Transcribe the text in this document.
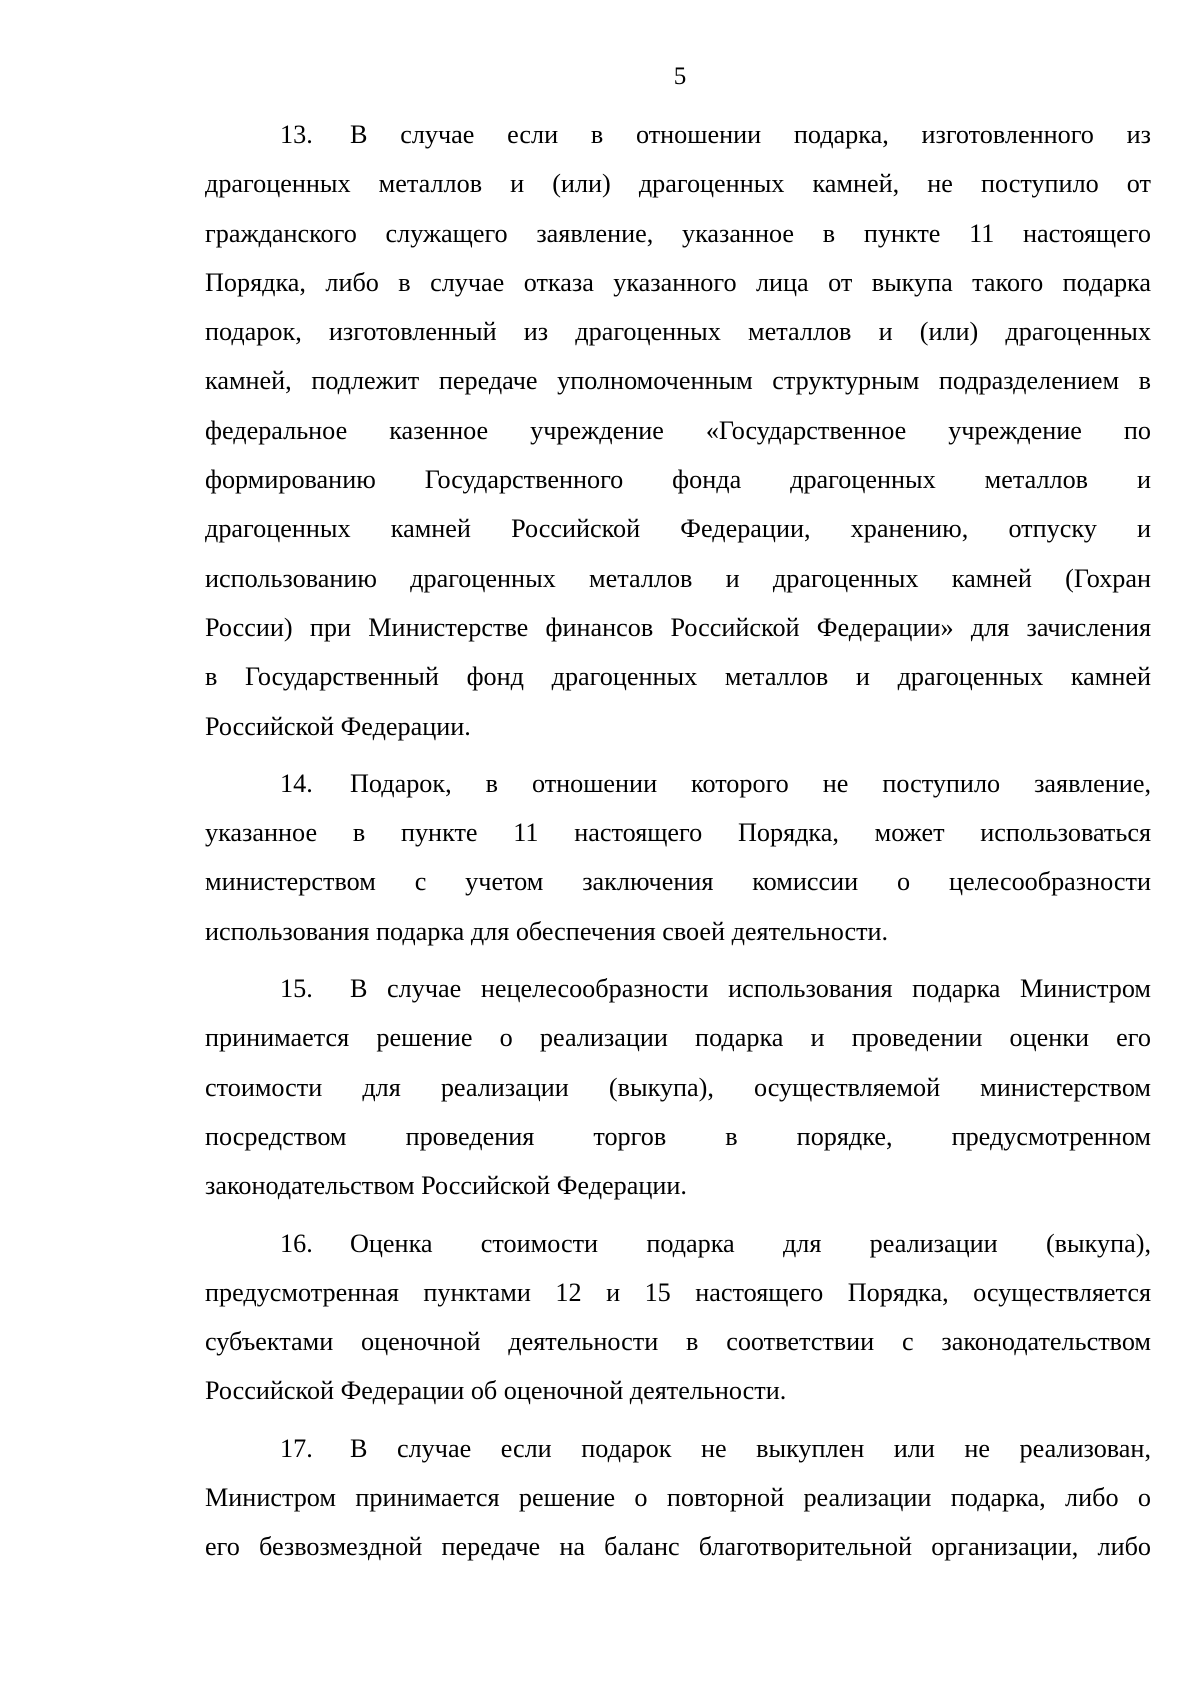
5
13. В случае если в отношении подарка, изготовленного из
драгоценных металлов и (или) драгоценных камней, не поступило от
гражданского служащего заявление, указанное в пункте 11 настоящего
Порядка, либо в случае отказа указанного лица от выкупа такого подарка
подарок, изготовленный из драгоценных металлов и (или) драгоценных
камней, подлежит передаче уполномоченным структурным подразделением в
федеральное казенное учреждение «Государственное учреждение по
формированию Государственного фонда драгоценных металлов и
драгоценных камней Российской Федерации, хранению, отпуску и
использованию драгоценных металлов и драгоценных камней (Гохран
России) при Министерстве финансов Российской Федерации» для зачисления
в Государственный фонд драгоценных металлов и драгоценных камней
Российской Федерации.
14. Подарок, в отношении которого не поступило заявление,
указанное в пункте 11 настоящего Порядка, может использоваться
министерством с учетом заключения комиссии о целесообразности
использования подарка для обеспечения своей деятельности.
15. В случае нецелесообразности использования подарка Министром
принимается решение о реализации подарка и проведении оценки его
стоимости для реализации (выкупа), осуществляемой министерством
посредством проведения торгов в порядке, предусмотренном
законодательством Российской Федерации.
16. Оценка стоимости подарка для реализации (выкупа),
предусмотренная пунктами 12 и 15 настоящего Порядка, осуществляется
субъектами оценочной деятельности в соответствии с законодательством
Российской Федерации об оценочной деятельности.
17. В случае если подарок не выкуплен или не реализован,
Министром принимается решение о повторной реализации подарка, либо о
его безвозмездной передаче на баланс благотворительной организации, либо
